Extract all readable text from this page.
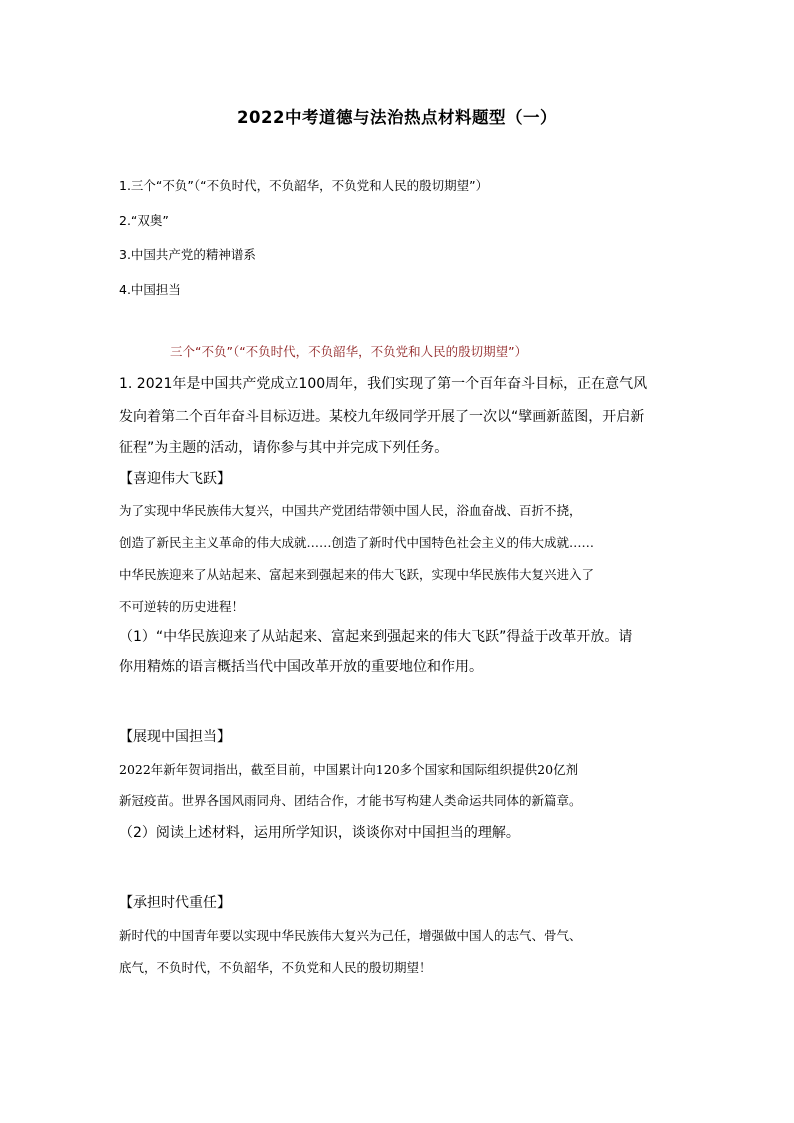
2022中考道德与法治热点材料题型（一）
1.三个“不负”（“不负时代，不负韶华，不负党和人民的殷切期望”）
2.“双奥”
3.中国共产党的精神谱系
4.中国担当
三个“不负”（“不负时代，不负韶华，不负党和人民的殷切期望”）
1. 2021年是中国共产党成立100周年，我们实现了第一个百年奋斗目标，正在意气风
发向着第二个百年奋斗目标迈进。某校九年级同学开展了一次以“擘画新蓝图，开启新
征程”为主题的活动，请你参与其中并完成下列任务。
【喜迎伟大飞跃】
为了实现中华民族伟大复兴，中国共产党团结带领中国人民，浴血奋战、百折不挠，
创造了新民主主义革命的伟大成就……创造了新时代中国特色社会主义的伟大成就……
中华民族迎来了从站起来、富起来到强起来的伟大飞跃，实现中华民族伟大复兴进入了
不可逆转的历史进程！
（1）“中华民族迎来了从站起来、富起来到强起来的伟大飞跃”得益于改革开放。请
你用精炼的语言概括当代中国改革开放的重要地位和作用。
【展现中国担当】
2022年新年贺词指出，截至目前，中国累计向120多个国家和国际组织提供20亿剂
新冠疫苗。世界各国风雨同舟、团结合作，才能书写构建人类命运共同体的新篇章。
（2）阅读上述材料，运用所学知识，谈谈你对中国担当的理解。
【承担时代重任】
新时代的中国青年要以实现中华民族伟大复兴为己任，增强做中国人的志气、骨气、
底气，不负时代，不负韶华，不负党和人民的殷切期望！
